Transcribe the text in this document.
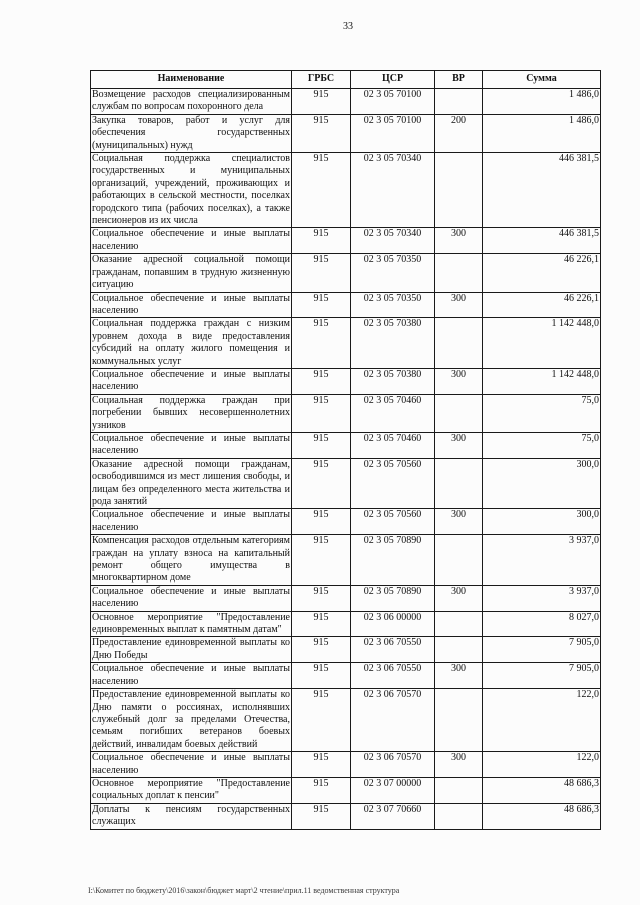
33
Наименование	ГРБС	ЦСР	ВР	Сумма
Возмещение расходов специализированным службам по вопросам похоронного дела	915	02 3 05 70100		1 486,0
Закупка товаров, работ и услуг для обеспечения государственных (муниципальных) нужд	915	02 3 05 70100	200	1 486,0
Социальная поддержка специалистов государственных и муниципальных организаций, учреждений, проживающих и работающих в сельской местности, поселках городского типа (рабочих поселках), а также пенсионеров из их числа	915	02 3 05 70340		446 381,5
Социальное обеспечение и иные выплаты населению	915	02 3 05 70340	300	446 381,5
Оказание адресной социальной помощи гражданам, попавшим в трудную жизненную ситуацию	915	02 3 05 70350		46 226,1
Социальное обеспечение и иные выплаты населению	915	02 3 05 70350	300	46 226,1
Социальная поддержка граждан с низким уровнем дохода в виде предоставления субсидий на оплату жилого помещения и коммунальных услуг	915	02 3 05 70380		1 142 448,0
Социальное обеспечение и иные выплаты населению	915	02 3 05 70380	300	1 142 448,0
Социальная поддержка граждан при погребении бывших несовершеннолетних узников	915	02 3 05 70460		75,0
Социальное обеспечение и иные выплаты населению	915	02 3 05 70460	300	75,0
Оказание адресной помощи гражданам, освободившимся из мест лишения свободы, и лицам без определенного места жительства и рода занятий	915	02 3 05 70560		300,0
Социальное обеспечение и иные выплаты населению	915	02 3 05 70560	300	300,0
Компенсация расходов отдельным категориям граждан на уплату взноса на капитальный ремонт общего имущества в многоквартирном доме	915	02 3 05 70890		3 937,0
Социальное обеспечение и иные выплаты населению	915	02 3 05 70890	300	3 937,0
Основное мероприятие "Предоставление единовременных выплат к памятным датам"	915	02 3 06 00000		8 027,0
Предоставление единовременной выплаты ко Дню Победы	915	02 3 06 70550		7 905,0
Социальное обеспечение и иные выплаты населению	915	02 3 06 70550	300	7 905,0
Предоставление единовременной выплаты ко Дню памяти о россиянах, исполнявших служебный долг за пределами Отечества, семьям погибших ветеранов боевых действий, инвалидам боевых действий	915	02 3 06 70570		122,0
Социальное обеспечение и иные выплаты населению	915	02 3 06 70570	300	122,0
Основное мероприятие "Предоставление социальных доплат к пенсии"	915	02 3 07 00000		48 686,3
Доплаты к пенсиям государственных служащих	915	02 3 07 70660		48 686,3
I:\Комитет по бюджету\2016\закон\бюджет март\2 чтение\прил.11 ведомственная структура
